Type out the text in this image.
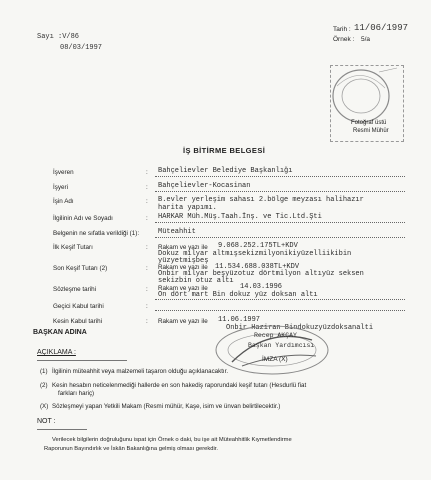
Sayı :V/86
08/03/1997
Tarih : 11/06/1997
Örnek : 5/a
Fotoğraf üstü
Resmi Mühür
İŞ BİTİRME BELGESİ
İşveren	: Bahçelievler Belediye Başkanlığı
İşyeri	: Bahçelievler-Kocasinan
İşin Adı	: B.evler yerleşim sahası 2.bölge meyzası halihazır
harita yapımı.
İlgilinin Adı ve Soyadı	: HARKAR Müh.Müş.Taah.İnş. ve Tic.Ltd.Şti
Belgenin ne sıfatla verildiği (1):	Müteahhit
İlk Keşif Tutarı	: Rakam ve yazı ile 9.068.252.175TL+KDV
Dokuz milyar altmışsekizmilyonikiyüzelliikibin
yüzyetmişbeş
Son Keşif Tutarı (2)	: Rakam ve yazı ile 11.534.688.038TL+KDV
Onbir milyar beşyüzotuz dörtmilyon altıyüz seksen
sekizbin otuz altı
Sözleşme tarihi	: Rakam ve yazı ile	14.03.1996
On dört mart Bin dokuz yüz doksan altı
Geçici Kabul tarihi	:
Kesin Kabul tarihi	: Rakam ve yazı ile 11.06.1997
Onbir Haziran Bindokuzyüzdoksanalti
BAŞKAN ADINA	Recep AKÇAY
Başkan Yardımcısı
AÇIKLAMA :
(1) İlgilinin müteahhit veya malzemeli taşaron olduğu açıklanacaktır.
(2) Kesin hesabın neticelenmediği hallerde en son hakediş raporundaki keşif tutarı (Hesdurlü fiat
farkları hariç)
(X) Sözleşmeyi yapan Yetkili Makam (Resmi mühür, Kaşe, isim ve ünvan belirtilecektir.)
İMZA (X)
NOT :
Verilecek bilgilerin doğruluğunu ispat için Örnek o daki, bu işe ait Müteahhitlik Kıymetlendirme
Raporunun Bayındırlık ve İskân Bakanlığına gelmiş olması gerekdir.
